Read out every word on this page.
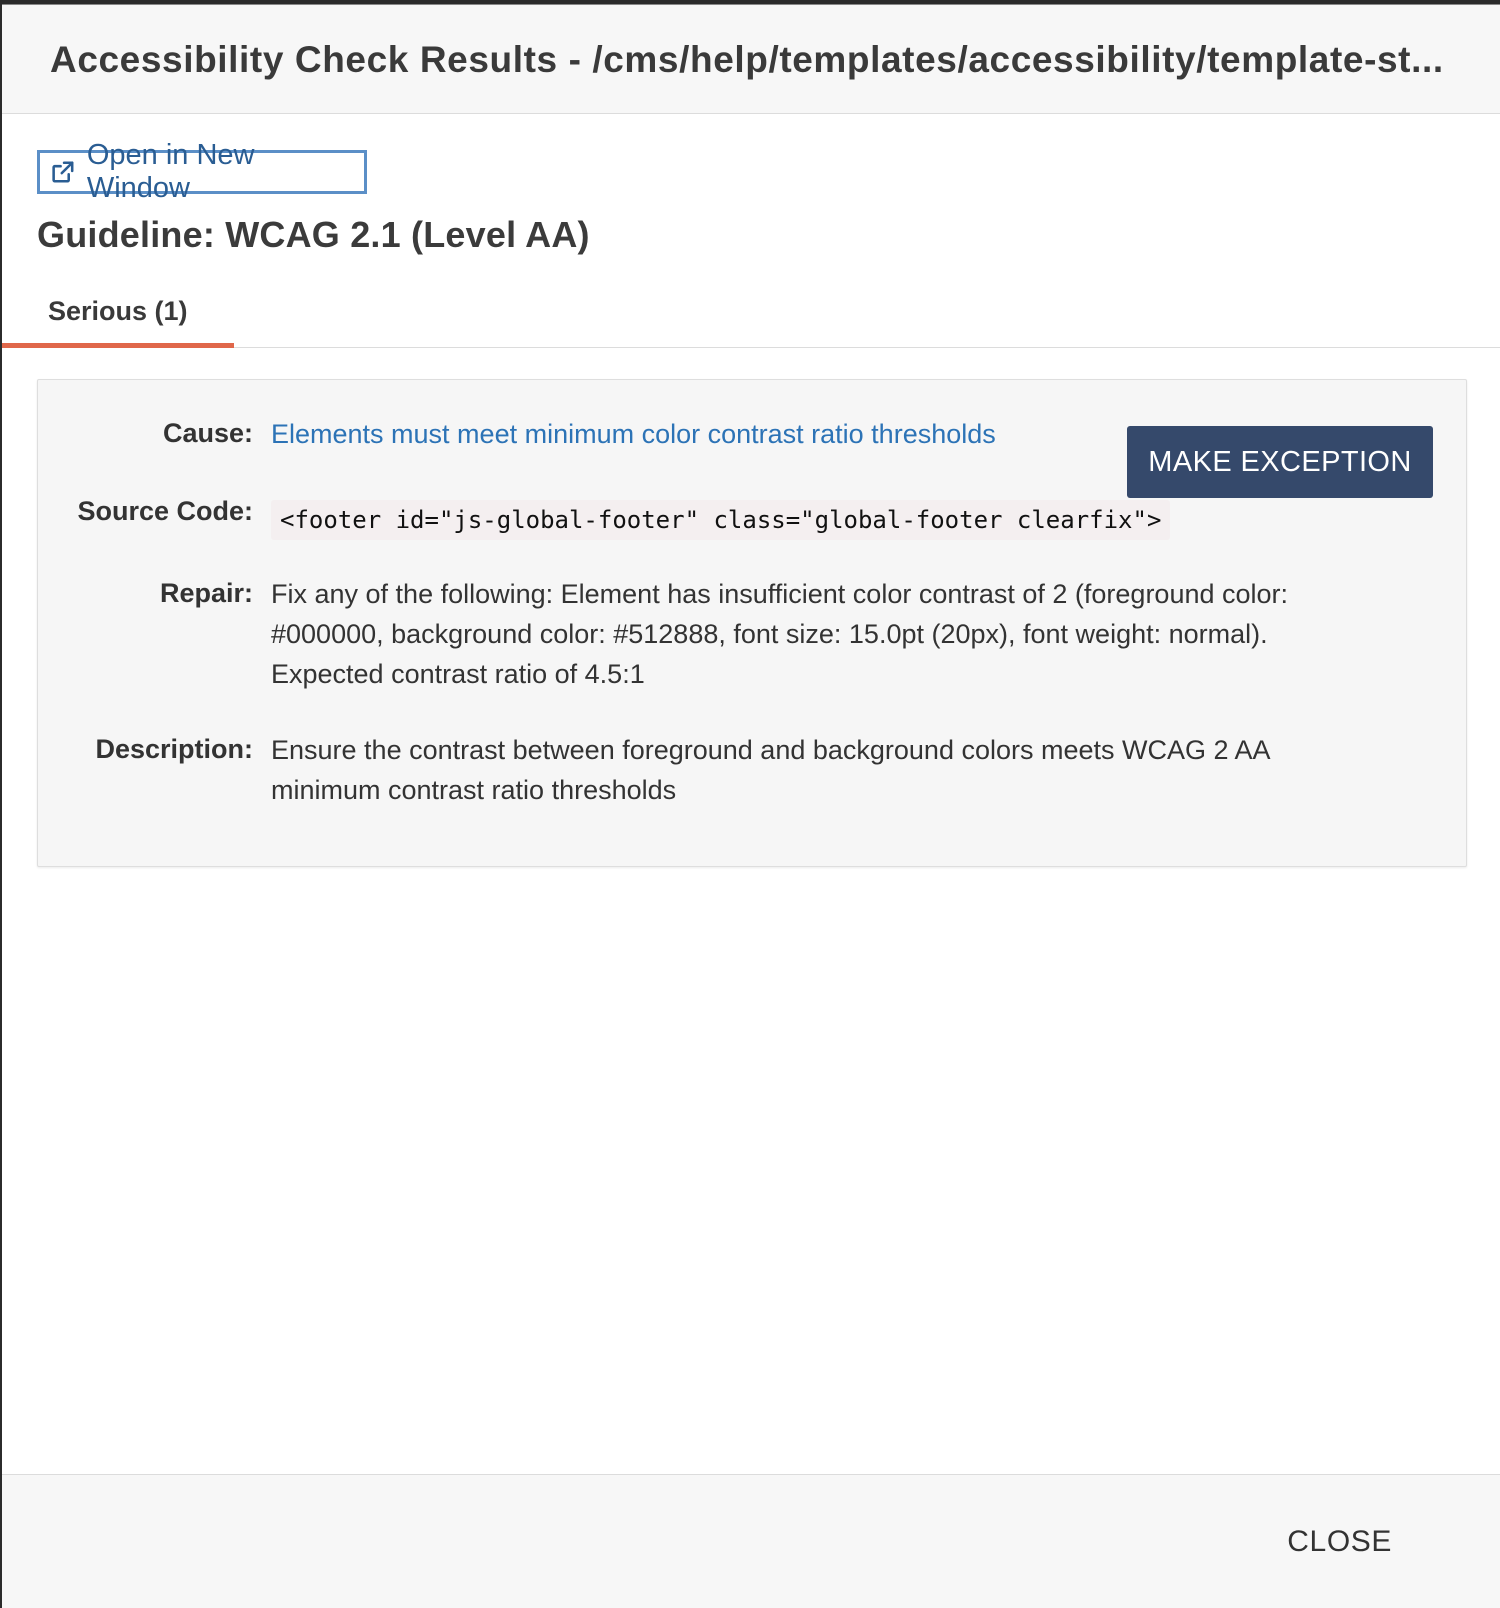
Accessibility Check Results - /cms/help/templates/accessibility/template-st...
Open in New Window
Guideline: WCAG 2.1 (Level AA)
Serious (1)
Cause: Elements must meet minimum color contrast ratio thresholds
MAKE EXCEPTION
Source Code:	<footer id="js-global-footer" class="global-footer clearfix">
Repair: Fix any of the following: Element has insufficient color contrast of 2 (foreground color:
#000000, background color: #512888, font size: 15.0pt (20px), font weight: normal).
Expected contrast ratio of 4.5:1
Description: Ensure the contrast between foreground and background colors meets WCAG 2 AA
minimum contrast ratio thresholds
CLOSE
